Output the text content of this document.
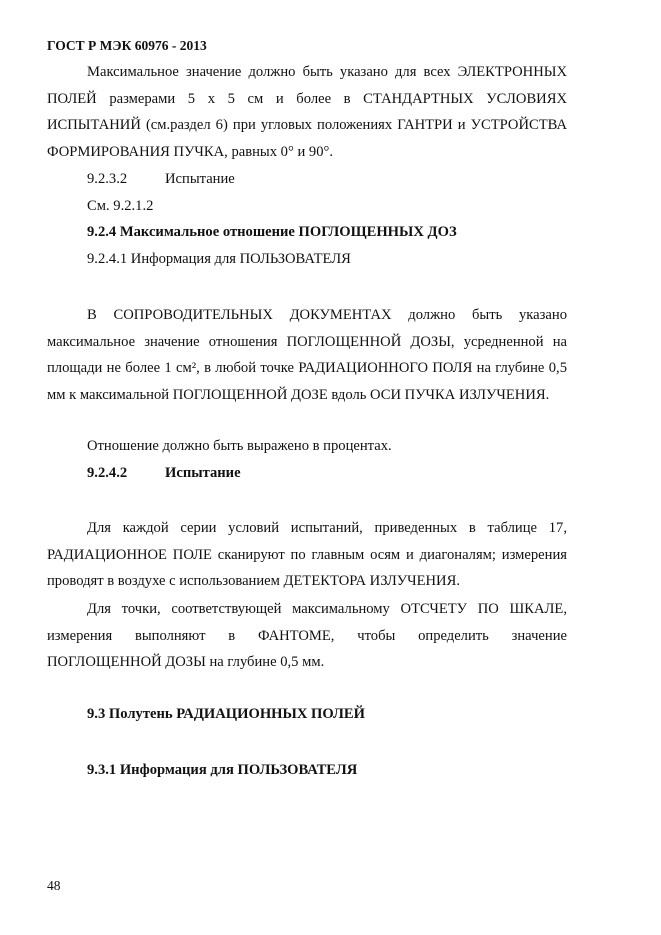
ГОСТ Р МЭК 60976 - 2013
Максимальное значение должно быть указано для всех ЭЛЕКТРОННЫХ ПОЛЕЙ размерами 5 х 5 см и более в СТАНДАРТНЫХ УСЛОВИЯХ ИСПЫТАНИЙ (см.раздел 6) при угловых положениях ГАНТРИ и УСТРОЙСТВА ФОРМИРОВАНИЯ ПУЧКА, равных 0° и 90°.
9.2.3.2	Испытание
См. 9.2.1.2
9.2.4 Максимальное отношение ПОГЛОЩЕННЫХ ДОЗ
9.2.4.1 Информация для ПОЛЬЗОВАТЕЛЯ
В СОПРОВОДИТЕЛЬНЫХ ДОКУМЕНТАХ должно быть указано максимальное значение отношения ПОГЛОЩЕННОЙ ДОЗЫ, усредненной на площади не более 1 см², в любой точке РАДИАЦИОННОГО ПОЛЯ на глубине 0,5 мм к максимальной ПОГЛОЩЕННОЙ ДОЗЕ вдоль ОСИ ПУЧКА ИЗЛУЧЕНИЯ.
Отношение должно быть выражено в процентах.
9.2.4.2	Испытание
Для каждой серии условий испытаний, приведенных в таблице 17, РАДИАЦИОННОЕ ПОЛЕ сканируют по главным осям и диагоналям; измерения проводят в воздухе с использованием ДЕТЕКТОРА ИЗЛУЧЕНИЯ.
Для точки, соответствующей максимальному ОТСЧЕТУ ПО ШКАЛЕ, измерения выполняют в ФАНТОМЕ, чтобы определить значение ПОГЛОЩЕННОЙ ДОЗЫ на глубине 0,5 мм.
9.3 Полутень РАДИАЦИОННЫХ ПОЛЕЙ
9.3.1 Информация для ПОЛЬЗОВАТЕЛЯ
48
